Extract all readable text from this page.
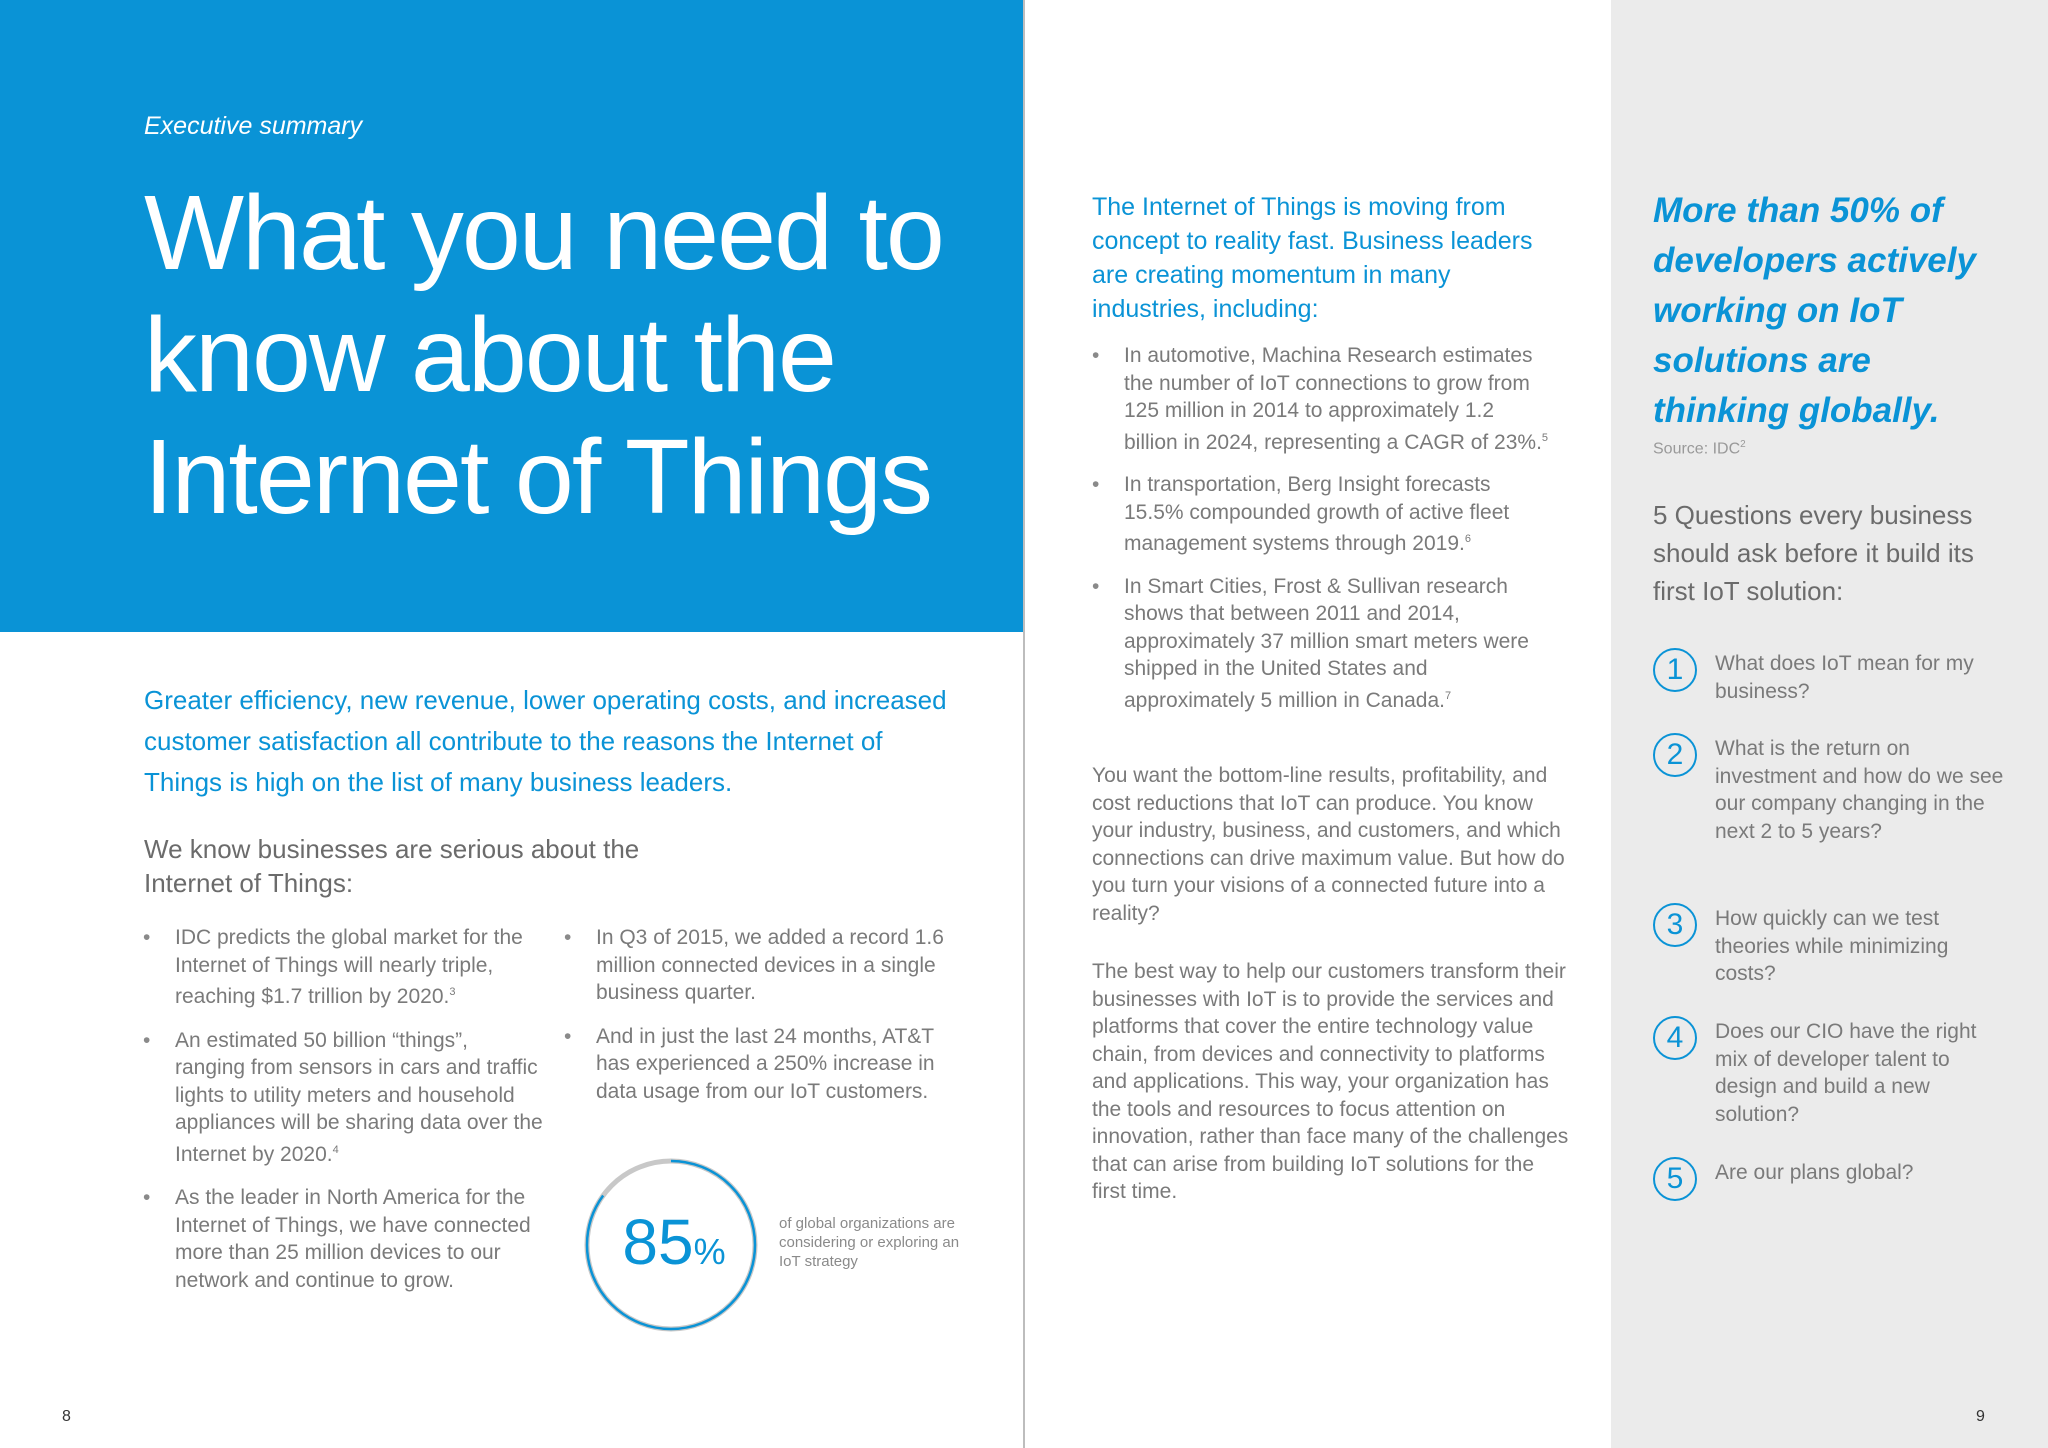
Executive summary
What you need to know about the Internet of Things
Greater efficiency, new revenue, lower operating costs, and increased customer satisfaction all contribute to the reasons the Internet of Things is high on the list of many business leaders.
We know businesses are serious about the Internet of Things:
• IDC predicts the global market for the Internet of Things will nearly triple, reaching $1.7 trillion by 2020.$^3$
• An estimated 50 billion “things”, ranging from sensors in cars and traffic lights to utility meters and household appliances will be sharing data over the Internet by 2020.$^4$
• As the leader in North America for the Internet of Things, we have connected more than 25 million devices to our network and continue to grow.
• In Q3 of 2015, we added a record 1.6 million connected devices in a single business quarter.
• And in just the last 24 months, AT&T has experienced a 250% increase in data usage from our IoT customers.
85%
of global organizations are considering or exploring an IoT strategy
8
The Internet of Things is moving from concept to reality fast. Business leaders are creating momentum in many industries, including:
• In automotive, Machina Research estimates the number of IoT connections to grow from 125 million in 2014 to approximately 1.2 billion in 2024, representing a CAGR of 23%.$^5$
• In transportation, Berg Insight forecasts 15.5% compounded growth of active fleet management systems through 2019.$^6$
• In Smart Cities, Frost & Sullivan research shows that between 2011 and 2014, approximately 37 million smart meters were shipped in the United States and approximately 5 million in Canada.$^7$
You want the bottom-line results, profitability, and cost reductions that IoT can produce. You know your industry, business, and customers, and which connections can drive maximum value. But how do you turn your visions of a connected future into a reality?
The best way to help our customers transform their businesses with IoT is to provide the services and platforms that cover the entire technology value chain, from devices and connectivity to platforms and applications. This way, your organization has the tools and resources to focus attention on innovation, rather than face many of the challenges that can arise from building IoT solutions for the first time.
More than 50% of developers actively working on IoT solutions are thinking globally.
Source: IDC$^2$
5 Questions every business should ask before it build its first IoT solution:
1	What does IoT mean for my business?
2	What is the return on investment and how do we see our company changing in the next 2 to 5 years?
3	How quickly can we test theories while minimizing costs?
4	Does our CIO have the right mix of developer talent to design and build a new solution?
5	Are our plans global?
9
